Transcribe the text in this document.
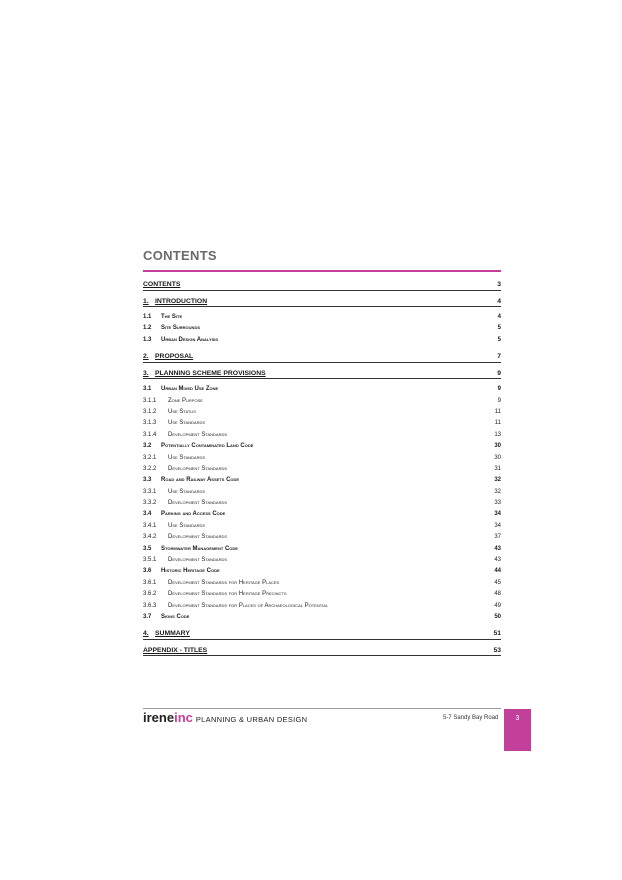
CONTENTS
CONTENTS	3
1. INTRODUCTION	4
1.1	The Site	4
1.2	Site Surrounds	5
1.3	Urban Design Analysis	5
2. PROPOSAL	7
3. PLANNING SCHEME PROVISIONS	9
3.1	Urban Mixed Use Zone	9
3.1.1	Zone Purpose	9
3.1.2	Use Status	11
3.1.3	Use Standards	11
3.1.4	Development Standards	13
3.2	Potentially Contaminated Land Code	30
3.2.1	Use Standards	30
3.2.2	Development Standards	31
3.3	Road and Railway Assets Code	32
3.3.1	Use Standards	32
3.3.2	Development Standards	33
3.4	Parking and Access Code	34
3.4.1	Use Standards	34
3.4.2	Development Standards	37
3.5	Stormwater Management Code	43
3.5.1	Development Standards	43
3.6	Historic Heritage Code	44
3.6.1	Development Standards for Heritage Places	45
3.6.2	Development Standards for Heritage Precincts	48
3.6.3	Development Standards for Places of Archaeological Potential	49
3.7	Signs Code	50
4. SUMMARY	51
APPENDIX - TITLES	53
ireneinc PLANNING & URBAN DESIGN	5-7 Sandy Bay Road	3
